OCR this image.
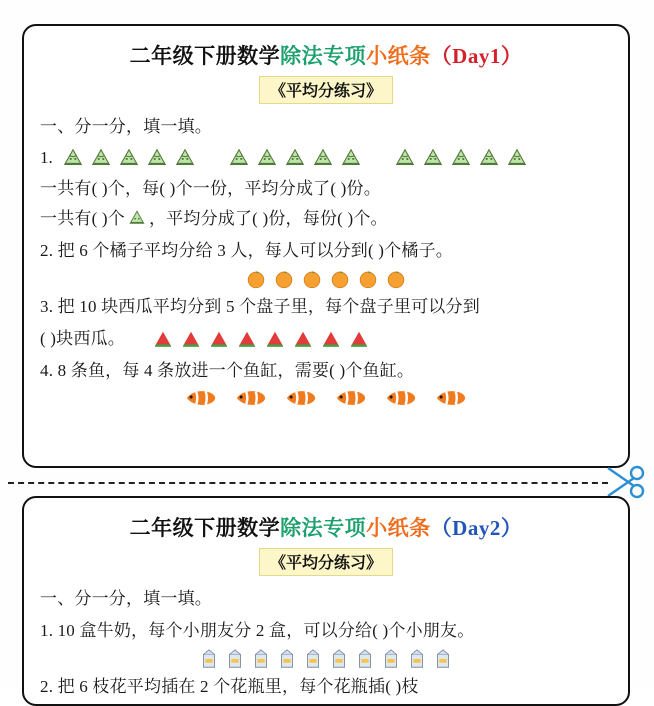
二年级下册数学除法专项小纸条（Day1）
《平均分练习》
一、分一分，填一填。
1.
一共有( )个，每( )个一份，平均分成了( )份。
一共有( )个 ，平均分成了( )份，每份( )个。
2. 把 6 个橘子平均分给 3 人，每人可以分到( )个橘子。
3. 把 10 块西瓜平均分到 5 个盘子里，每个盘子里可以分到
( )块西瓜。
4. 8 条鱼，每 4 条放进一个鱼缸，需要( )个鱼缸。
二年级下册数学除法专项小纸条（Day2）
《平均分练习》
一、分一分，填一填。
1. 10 盒牛奶，每个小朋友分 2 盒，可以分给( )个小朋友。
2. 把 6 枝花平均插在 2 个花瓶里，每个花瓶插( )枝
